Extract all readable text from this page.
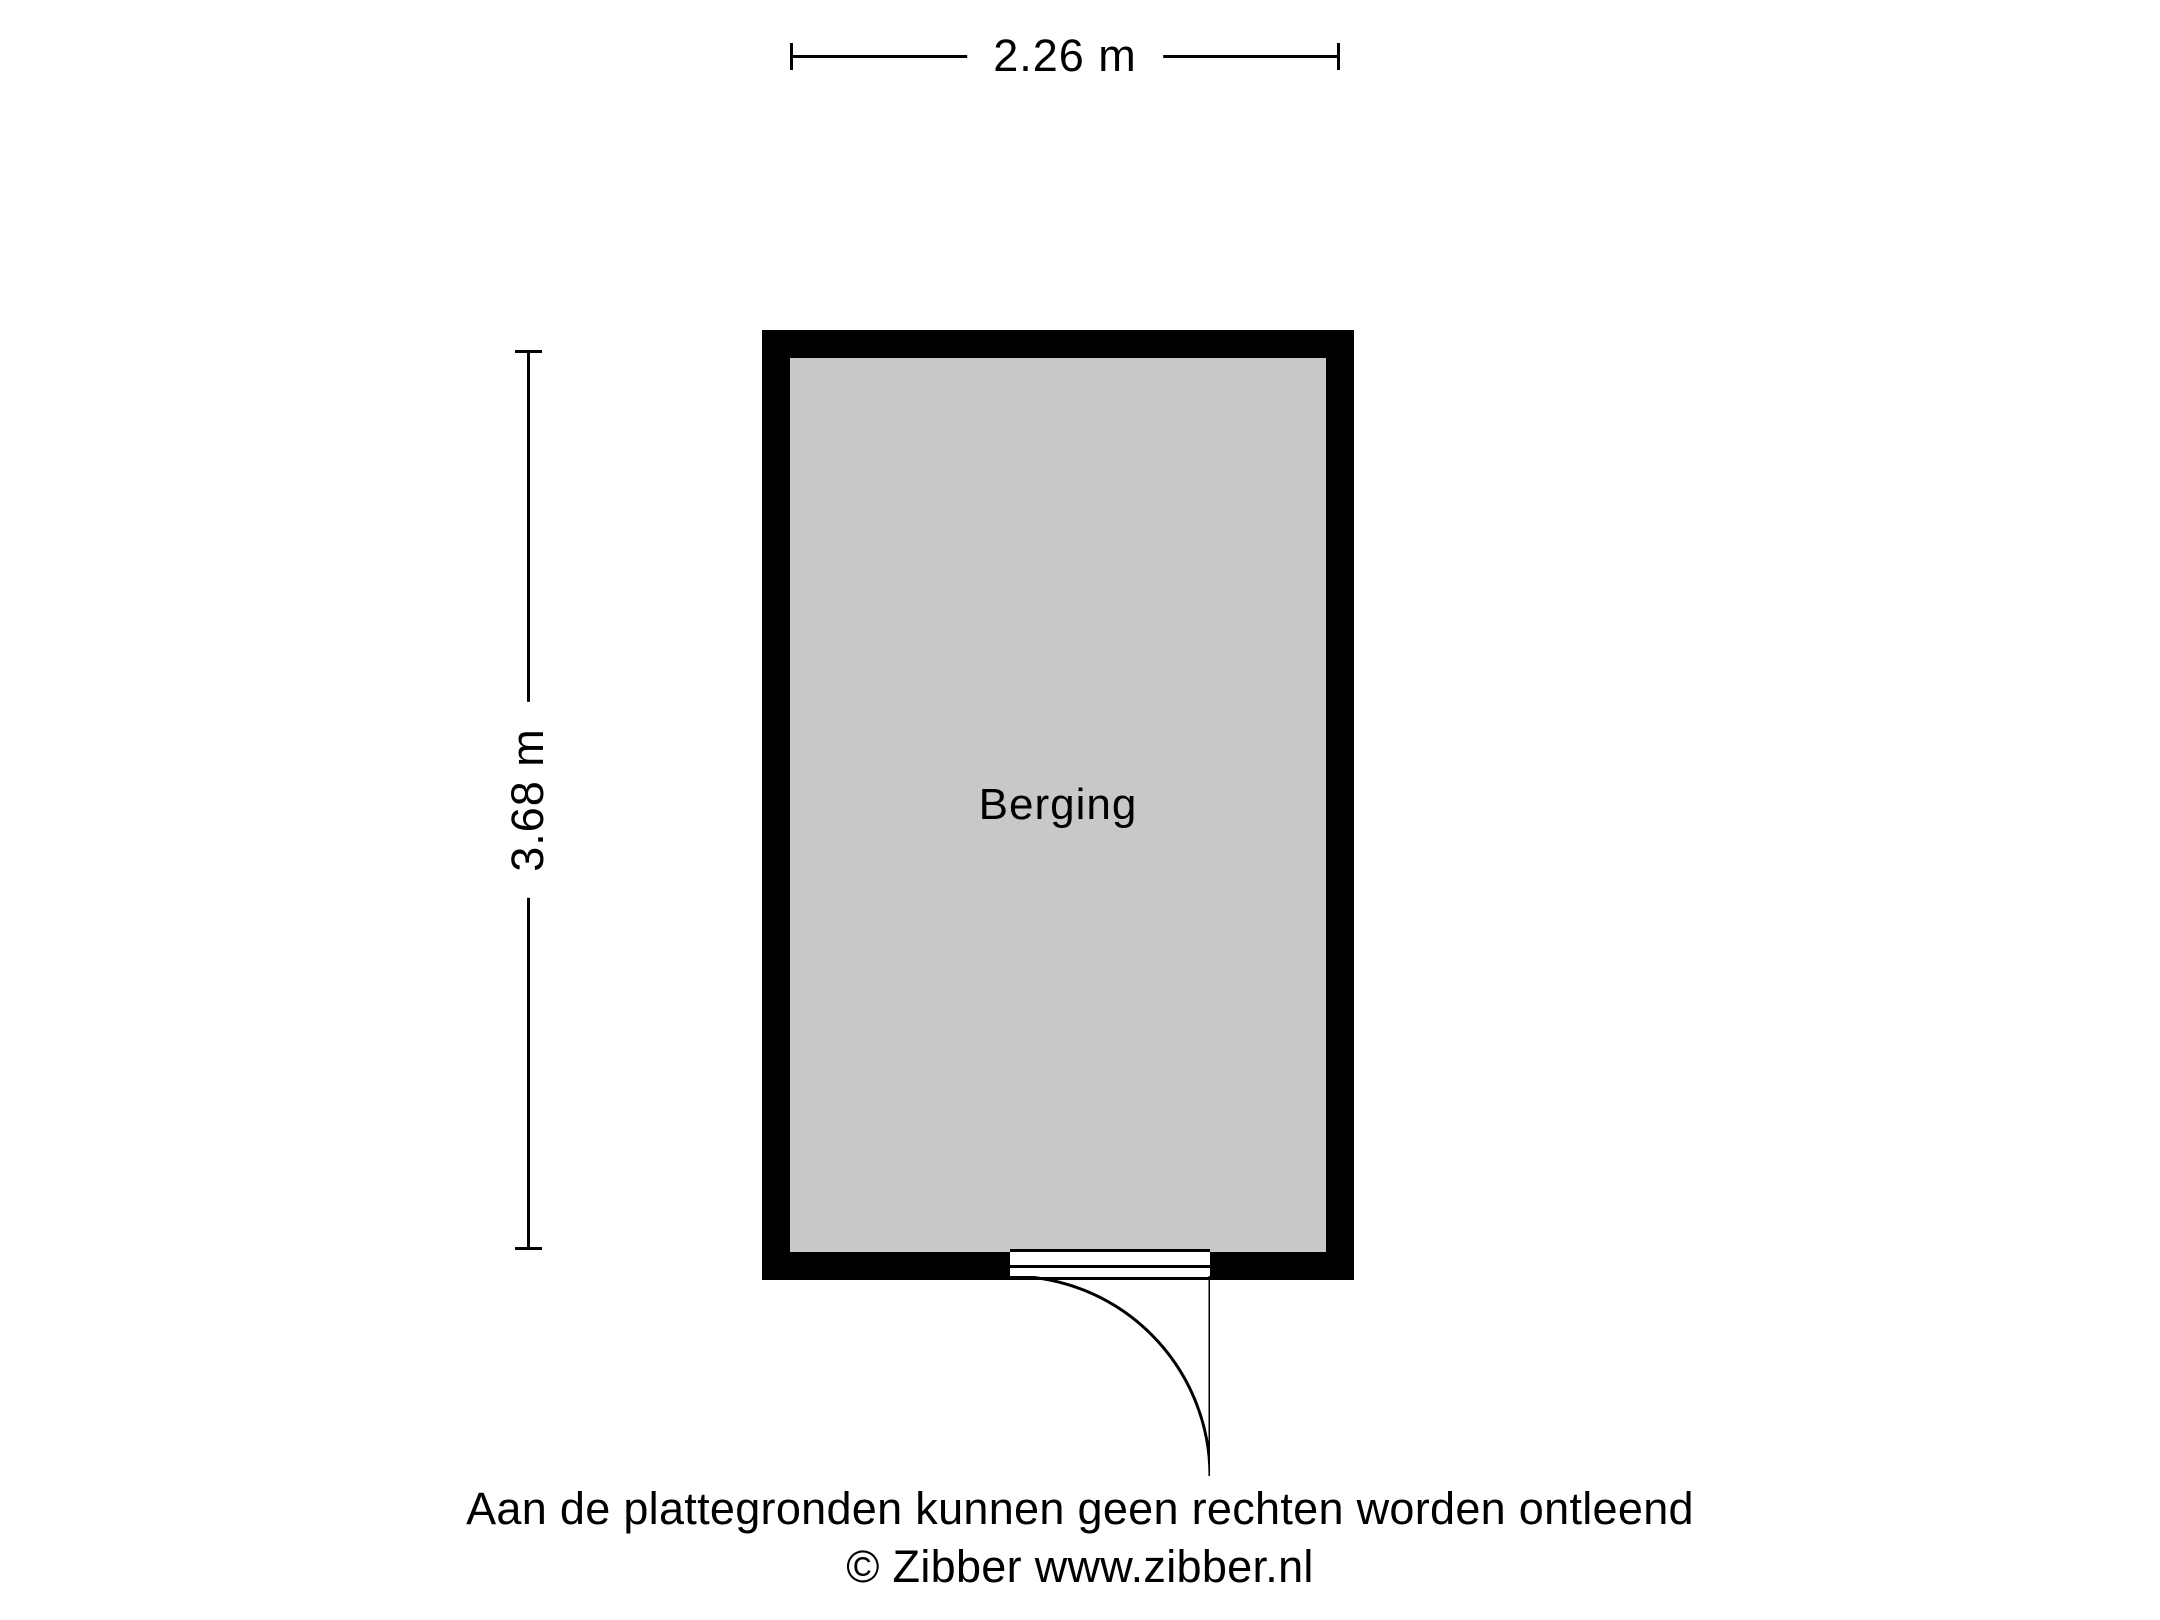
2.26 m
3.68 m	Berging
Aan de plattegronden kunnen geen rechten worden ontleend
© Zibber www.zibber.nl
